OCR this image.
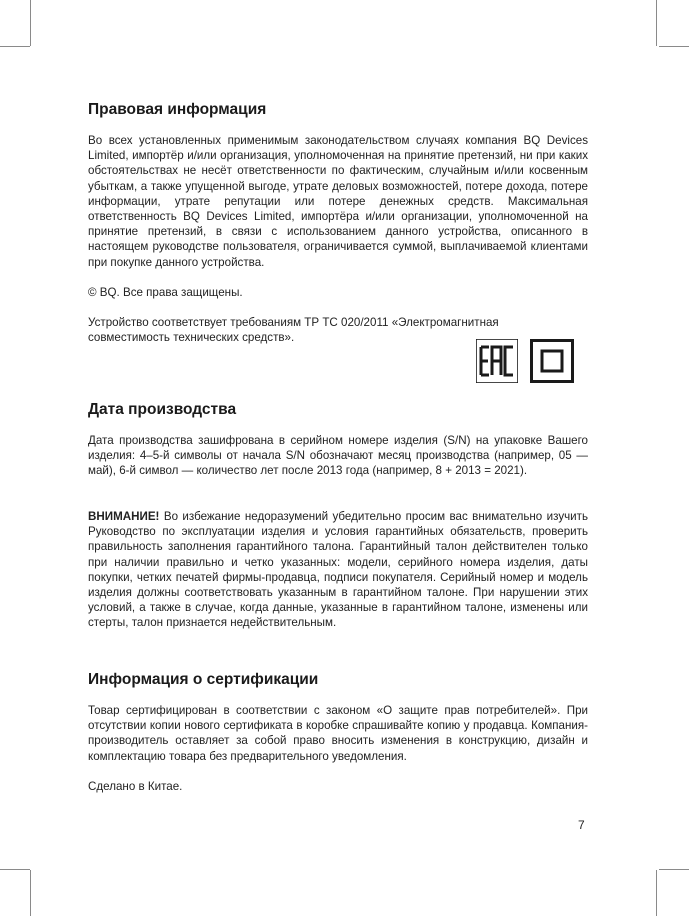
Правовая информация

Во всех установленных применимым законодательством случаях компания BQ Devices Limited, импортёр и/или организация, уполномоченная на принятие претензий, ни при каких обстоятельствах не несёт ответственности по фактическим, случайным и/или косвенным убыткам, а также упущенной выгоде, утрате деловых возможностей, потере дохода, потере информации, утрате репутации или потере денежных средств. Максимальная ответственность BQ Devices Limited, импортёра и/или организации, уполномоченной на принятие претензий, в связи с использованием данного устройства, описанного в настоящем руководстве пользователя, ограничивается суммой, выплачиваемой клиентами при покупке данного устройства.

© BQ. Все права защищены.

Устройство соответствует требованиям ТР ТС 020/2011 «Электромагнитная совместимость технических средств».

Дата производства

Дата производства зашифрована в серийном номере изделия (S/N) на упаковке Вашего изделия: 4–5-й символы от начала S/N обозначают месяц производства (например, 05 — май), 6-й символ — количество лет после 2013 года (например, 8 + 2013 = 2021).

ВНИМАНИЕ! Во избежание недоразумений убедительно просим вас внимательно изучить Руководство по эксплуатации изделия и условия гарантийных обязательств, проверить правильность заполнения гарантийного талона. Гарантийный талон действителен только при наличии правильно и четко указанных: модели, серийного номера изделия, даты покупки, четких печатей фирмы-продавца, подписи покупателя. Серийный номер и модель изделия должны соответствовать указанным в гарантийном талоне. При нарушении этих условий, а также в случае, когда данные, указанные в гарантийном талоне, изменены или стерты, талон признается недействительным.

Информация о сертификации

Товар сертифицирован в соответствии с законом «О защите прав потребителей». При отсутствии копии нового сертификата в коробке спрашивайте копию у продавца. Компания-производитель оставляет за собой право вносить изменения в конструкцию, дизайн и комплектацию товара без предварительного уведомления.

Сделано в Китае.

7
